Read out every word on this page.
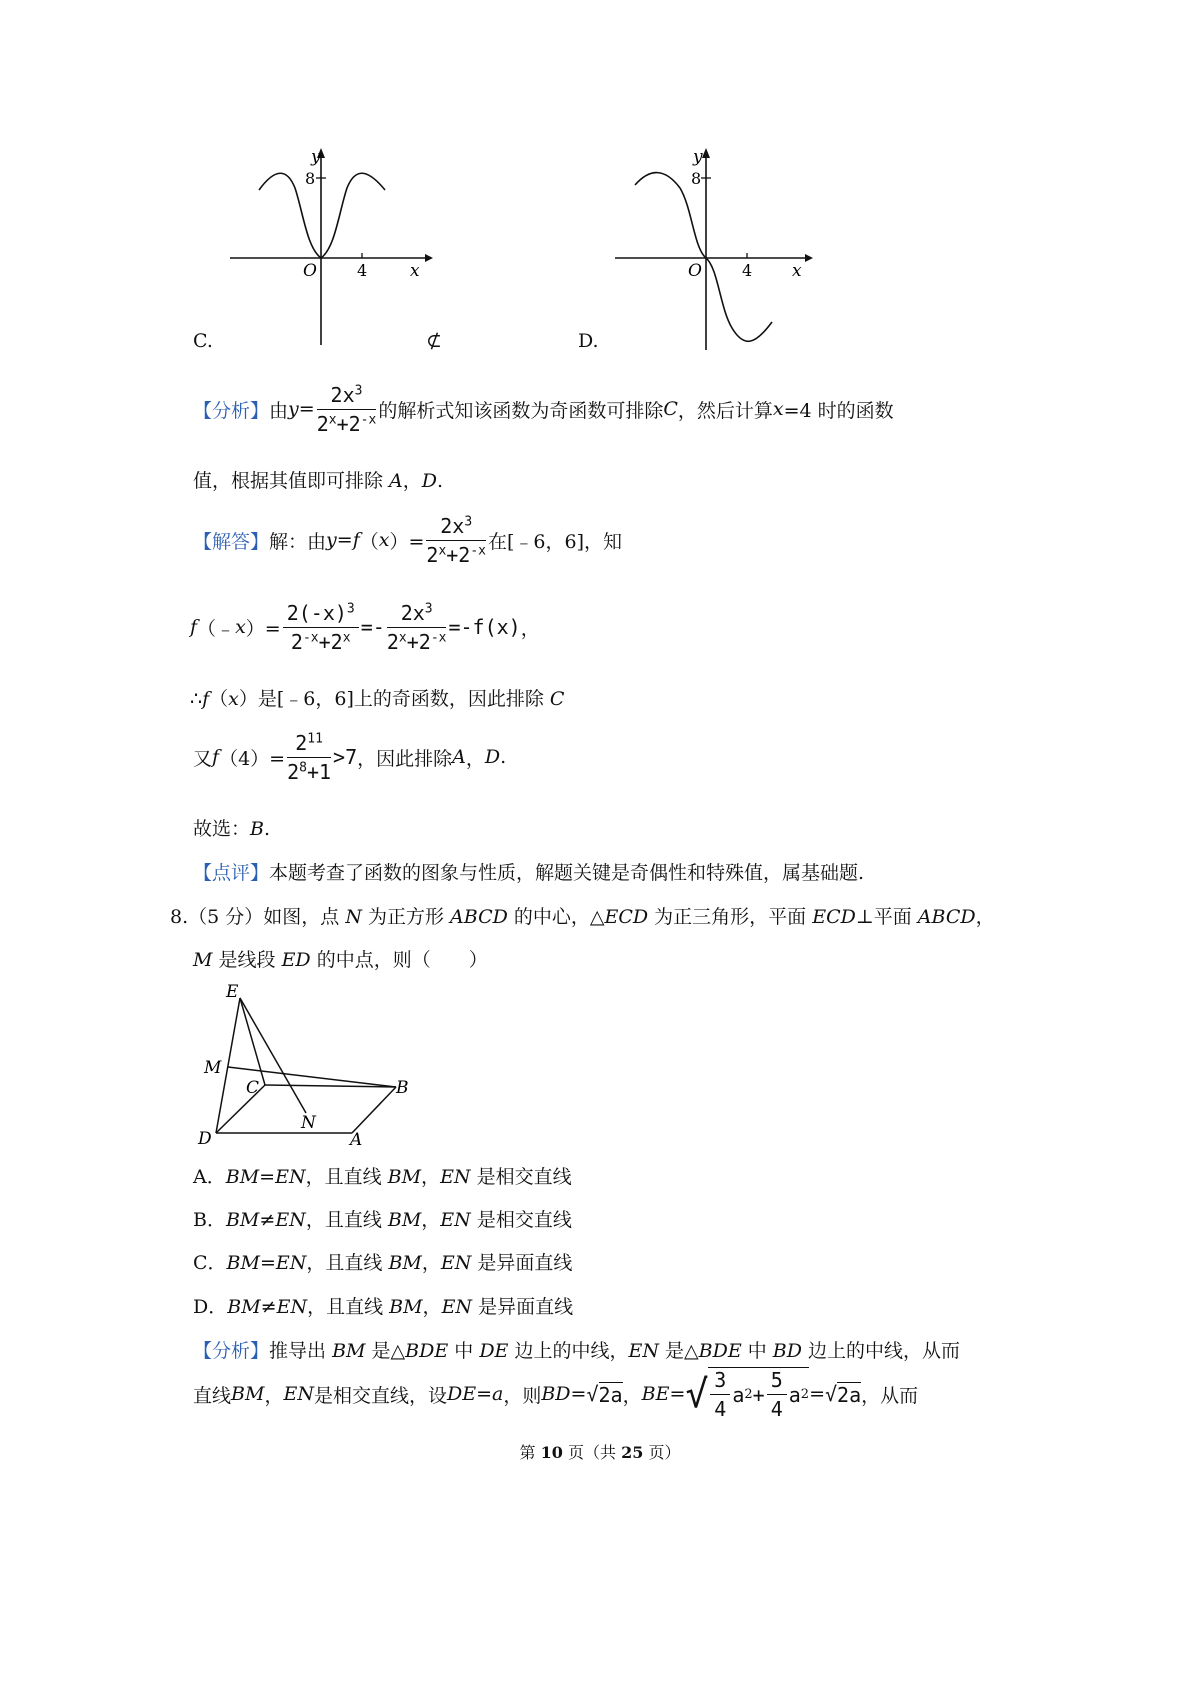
y
8
O	4	x
C.	⊄
y
8
O	4 x
D.
【分析】 由 $y = \frac{2x^3}{2^x+2^{-x}}$ 的解析式知该函数为奇函数可排除 C ，然后计算 x =4 时的函数
值，根据其值即可排除 A，D.
【解答】 解：由 y = f （ x ）= $\frac{2x^3}{2^x+2^{-x}}$ 在[﹣6，6]，知
f （﹣ x ）= $\frac{2(-x)^3}{2^{-x}+2^x} =- \frac{2x^3}{2^x+2^{-x}} =-f(x)$ ，
∴f（x）是[﹣6，6]上的奇函数，因此排除 C
又 f $(4)= \frac{2^{11}}{2^8+1} >7$ ，因此排除 A ， D .
故选：B.
【点评】本题考查了函数的图象与性质，解题关键是奇偶性和特殊值，属基础题.
8.（5 分）如图，点 N 为正方形 ABCD 的中心，△ECD 为正三角形，平面 ECD⊥平面 ABCD，
M 是线段 ED 的中点，则（　　）
E
M
C	B
N
D	A
A．BM=EN，且直线 BM，EN 是相交直线
B．BM≠EN，且直线 BM，EN 是相交直线
C．BM=EN，且直线 BM，EN 是异面直线
D．BM≠EN，且直线 BM，EN 是异面直线
【分析】推导出 BM 是△BDE 中 DE 边上的中线，EN 是△BDE 中 BD 边上的中线，从而
直线 BM ， EN 是相交直线，设 DE = a ，则 BD = √ 2a ， BE = √ $\frac{3}{4}$ a $2 + \frac{5}{4}$ a 2 = √ 2a ，从而
第 10 页（共 25 页）
